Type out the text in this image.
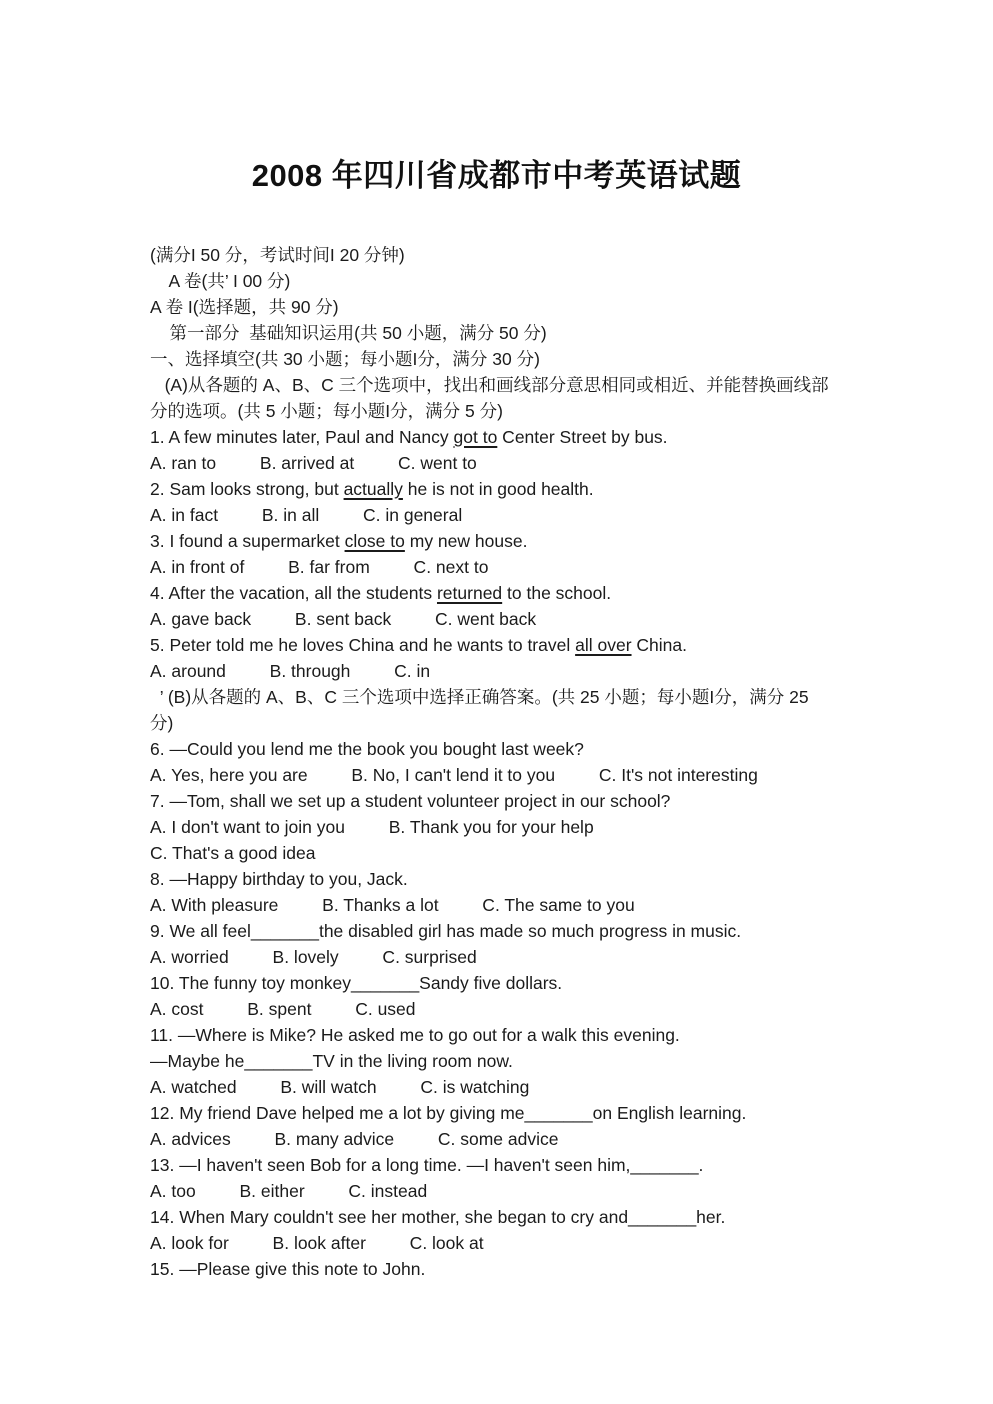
2008 年四川省成都市中考英语试题
(满分I 50 分，考试时间I 20 分钟)
A 卷(共’ I 00 分)
A 卷 I(选择题，共 90 分)
第一部分  基础知识运用(共 50 小题，满分 50 分)
一、选择填空(共 30 小题；每小题I分，满分 30 分)
(A)从各题的 A、B、C 三个选项中，找出和画线部分意思相同或相近、并能替换画线部
分的选项。(共 5 小题；每小题I分，满分 5 分)
1. A few minutes later, Paul and Nancy got to Center Street by bus.
A. ran to         B. arrived at         C. went to
2. Sam looks strong, but actually he is not in good health.
A. in fact         B. in all         C. in general
3. I found a supermarket close to my new house.
A. in front of         B. far from         C. next to
4. After the vacation, all the students returned to the school.
A. gave back         B. sent back         C. went back
5. Peter told me he loves China and he wants to travel all over China.
A. around         B. through         C. in
’ (B)从各题的 A、B、C 三个选项中选择正确答案。(共 25 小题；每小题I分，满分 25
分)
6. —Could you lend me the book you bought last week?
A. Yes, here you are         B. No, I can't lend it to you         C. It's not interesting
7. —Tom, shall we set up a student volunteer project in our school?
A. I don't want to join you         B. Thank you for your help
C. That's a good idea
8. —Happy birthday to you, Jack.
A. With pleasure         B. Thanks a lot         C. The same to you
9. We all feel_______the disabled girl has made so much progress in music.
A. worried         B. lovely         C. surprised
10. The funny toy monkey_______Sandy five dollars.
A. cost         B. spent         C. used
11. —Where is Mike? He asked me to go out for a walk this evening.
—Maybe he_______TV in the living room now.
A. watched         B. will watch         C. is watching
12. My friend Dave helped me a lot by giving me_______on English learning.
A. advices         B. many advice         C. some advice
13. —I haven't seen Bob for a long time. —I haven't seen him,_______.
A. too         B. either         C. instead
14. When Mary couldn't see her mother, she began to cry and_______her.
A. look for         B. look after         C. look at
15. —Please give this note to John.
